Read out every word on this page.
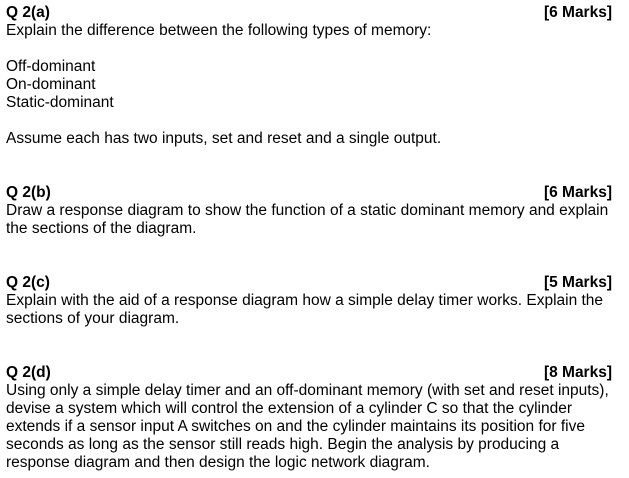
Q 2(a)	[6 Marks]

Explain the difference between the following types of memory:

Off-dominant
On-dominant
Static-dominant

Assume each has two inputs, set and reset and a single output.

Q 2(b)	[6 Marks]

Draw a response diagram to show the function of a static dominant memory and explain the sections of the diagram.

Q 2(c)	[5 Marks]

Explain with the aid of a response diagram how a simple delay timer works. Explain the sections of your diagram.

Q 2(d)	[8 Marks]

Using only a simple delay timer and an off-dominant memory (with set and reset inputs), devise a system which will control the extension of a cylinder C so that the cylinder extends if a sensor input A switches on and the cylinder maintains its position for five seconds as long as the sensor still reads high. Begin the analysis by producing a response diagram and then design the logic network diagram.
